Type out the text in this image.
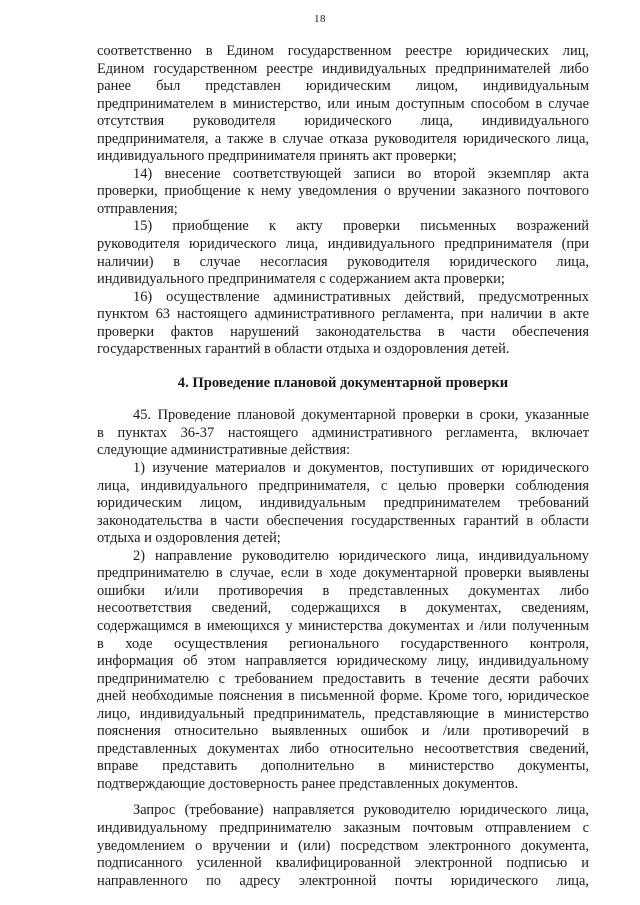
18

соответственно в Едином государственном реестре юридических лиц,

Едином государственном реестре индивидуальных предпринимателей либо

ранее был представлен юридическим лицом, индивидуальным

предпринимателем в министерство, или иным доступным способом в случае

отсутствия руководителя юридического лица, индивидуального

предпринимателя, а также в случае отказа руководителя юридического лица,

индивидуального предпринимателя принять акт проверки;

14) внесение соответствующей записи во второй экземпляр акта

проверки, приобщение к нему уведомления о вручении заказного почтового

отправления;

15) приобщение к акту проверки письменных возражений

руководителя юридического лица, индивидуального предпринимателя (при

наличии) в случае несогласия руководителя юридического лица,

индивидуального предпринимателя с содержанием акта проверки;

16) осуществление административных действий, предусмотренных

пунктом 63 настоящего административного регламента, при наличии в акте

проверки фактов нарушений законодательства в части обеспечения

государственных гарантий в области отдыха и оздоровления детей.

4. Проведение плановой документарной проверки

45. Проведение плановой документарной проверки в сроки, указанные

в пунктах 36-37 настоящего административного регламента, включает

следующие административные действия:

1) изучение материалов и документов, поступивших от юридического

лица, индивидуального предпринимателя, с целью проверки соблюдения

юридическим лицом, индивидуальным предпринимателем требований

законодательства в части обеспечения государственных гарантий в области

отдыха и оздоровления детей;

2) направление руководителю юридического лица, индивидуальному

предпринимателю в случае, если в ходе документарной проверки выявлены

ошибки и/или противоречия в представленных документах либо

несоответствия сведений, содержащихся в документах, сведениям,

содержащимся в имеющихся у министерства документах и /или полученным

в ходе осуществления регионального государственного контроля,

информация об этом направляется юридическому лицу, индивидуальному

предпринимателю с требованием предоставить в течение десяти рабочих

дней необходимые пояснения в письменной форме. Кроме того, юридическое

лицо, индивидуальный предприниматель, представляющие в министерство

пояснения относительно выявленных ошибок и /или противоречий в

представленных документах либо относительно несоответствия сведений,

вправе представить дополнительно в министерство документы,

подтверждающие достоверность ранее представленных документов.

Запрос (требование) направляется руководителю юридического лица,

индивидуальному предпринимателю заказным почтовым отправлением с

уведомлением о вручении и (или) посредством электронного документа,

подписанного усиленной квалифицированной электронной подписью и

направленного по адресу электронной почты юридического лица,
